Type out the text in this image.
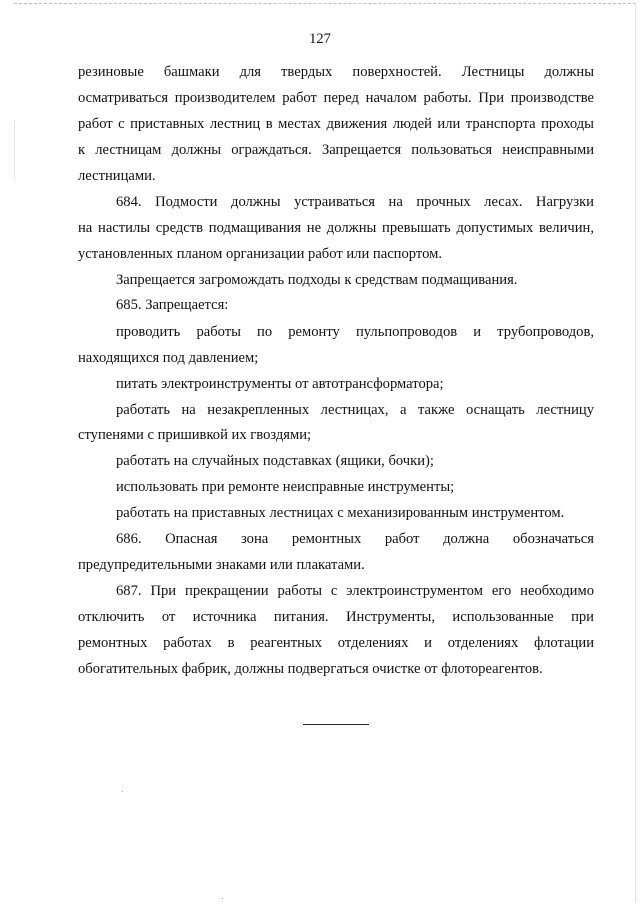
127
резиновые башмаки для твердых поверхностей. Лестницы должны
осматриваться производителем работ перед началом работы. При производстве
работ с приставных лестниц в местах движения людей или транспорта проходы
к лестницам должны ограждаться. Запрещается пользоваться неисправными
лестницами.
684. Подмости должны устраиваться на прочных лесах. Нагрузки
на настилы средств подмащивания не должны превышать допустимых величин,
установленных планом организации работ или паспортом.
Запрещается загромождать подходы к средствам подмащивания.
685. Запрещается:
проводить работы по ремонту пульпопроводов и трубопроводов,
находящихся под давлением;
питать электроинструменты от автотрансформатора;
работать на незакрепленных лестницах, а также оснащать лестницу
ступенями с пришивкой их гвоздями;
работать на случайных подставках (ящики, бочки);
использовать при ремонте неисправные инструменты;
работать на приставных лестницах с механизированным инструментом.
686. Опасная зона ремонтных работ должна обозначаться
предупредительными знаками или плакатами.
687. При прекращении работы с электроинструментом его необходимо
отключить от источника питания. Инструменты, использованные при
ремонтных работах в реагентных отделениях и отделениях флотации
обогатительных фабрик, должны подвергаться очистке от флотореагентов.
